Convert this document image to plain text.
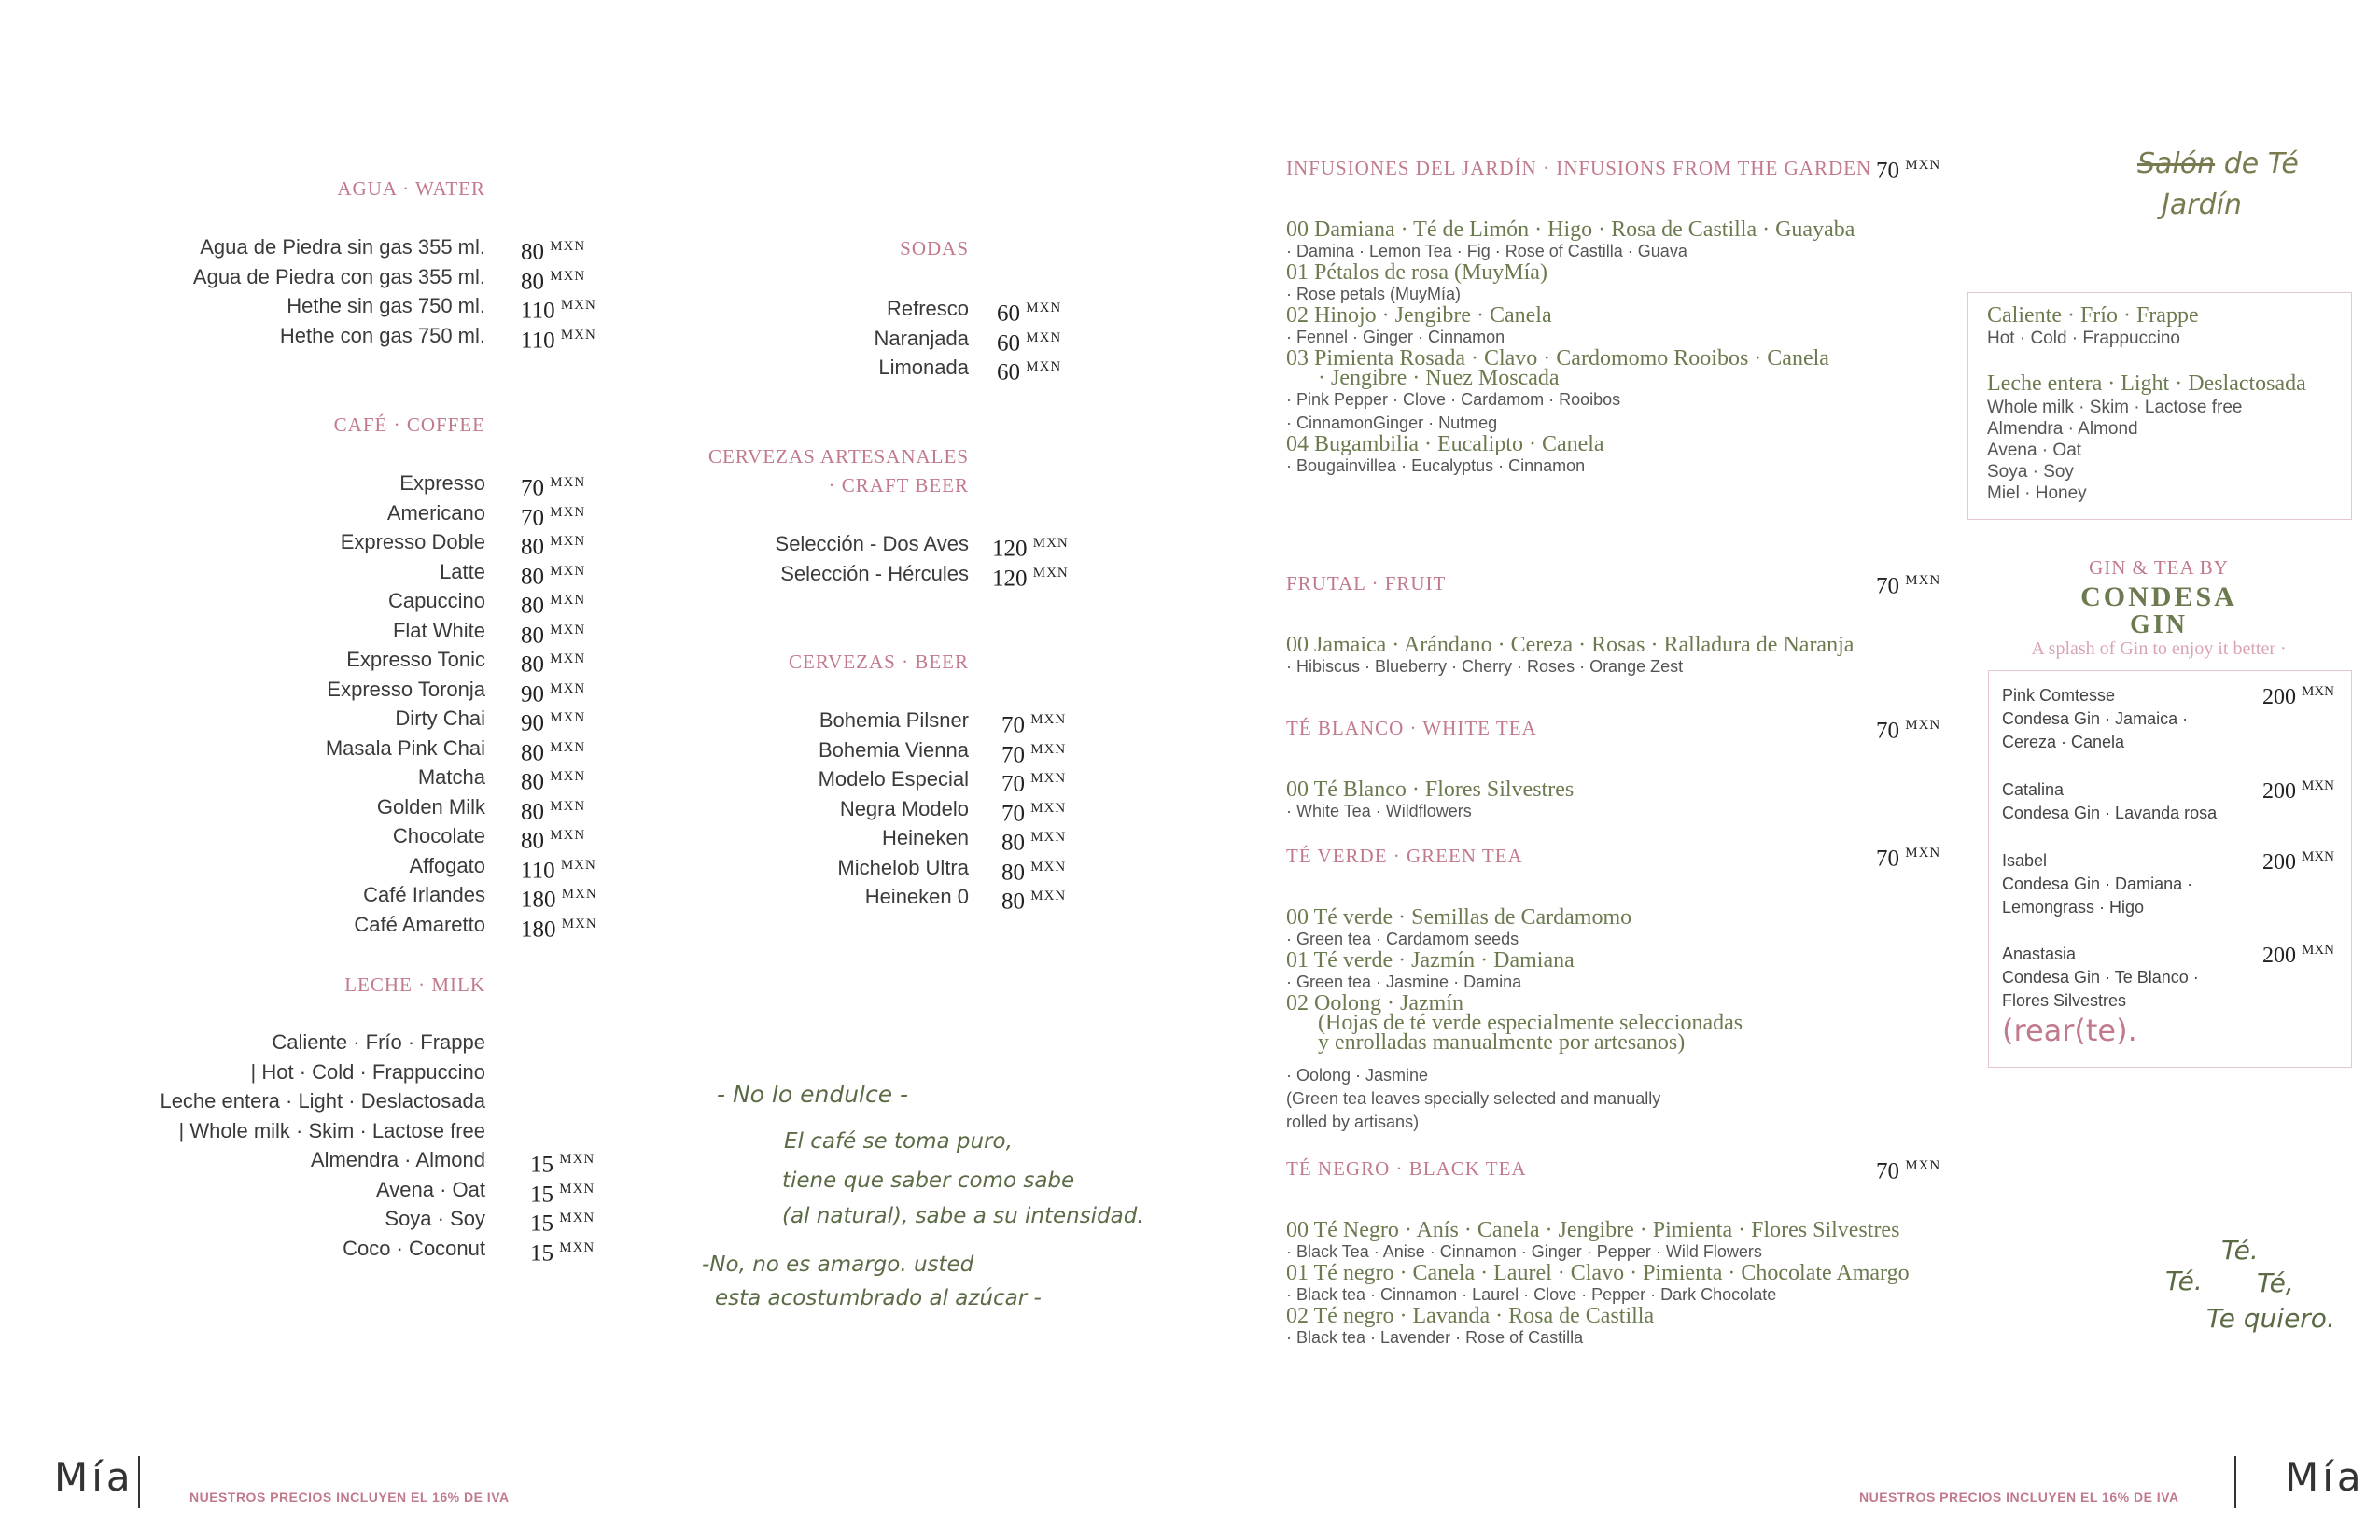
AGUA · WATER
Agua de Piedra sin gas 355 ml. 80 $^{MXN}$
Agua de Piedra con gas 355 ml. 80 $^{MXN}$
Hethe sin gas 750 ml. 110 $^{MXN}$
Hethe con gas 750 ml. 110 $^{MXN}$
CAFÉ · COFFEE
Expresso 70 $^{MXN}$
Americano 70 $^{MXN}$
Expresso Doble 80 $^{MXN}$
Latte 80 $^{MXN}$
Capuccino 80 $^{MXN}$
Flat White 80 $^{MXN}$
Expresso Tonic 80 $^{MXN}$
Expresso Toronja 90 $^{MXN}$
Dirty Chai 90 $^{MXN}$
Masala Pink Chai 80 $^{MXN}$
Matcha 80 $^{MXN}$
Golden Milk 80 $^{MXN}$
Chocolate 80 $^{MXN}$
Affogato 110 $^{MXN}$
Café Irlandes 180 $^{MXN}$
Café Amaretto 180 $^{MXN}$
LECHE · MILK
Caliente · Frío · Frappe
| Hot · Cold · Frappuccino
Leche entera · Light · Deslactosada
| Whole milk · Skim · Lactose free
Almendra · Almond 15 $^{MXN}$
Avena · Oat 15 $^{MXN}$
Soya · Soy 15 $^{MXN}$
Coco · Coconut 15 $^{MXN}$
SODAS
Refresco 60 $^{MXN}$
Naranjada 60 $^{MXN}$
Limonada 60 $^{MXN}$
CERVEZAS ARTESANALES
· CRAFT BEER
Selección - Dos Aves 120 $^{MXN}$
Selección - Hércules 120 $^{MXN}$
CERVEZAS · BEER
Bohemia Pilsner 70 $^{MXN}$
Bohemia Vienna 70 $^{MXN}$
Modelo Especial 70 $^{MXN}$
Negra Modelo 70 $^{MXN}$
Heineken 80 $^{MXN}$
Michelob Ultra 80 $^{MXN}$
Heineken 0 80 $^{MXN}$
- No lo endulce -
El café se toma puro,
tiene que saber como sabe
(al natural), sabe a su intensidad.
-No, no es amargo. usted
esta acostumbrado al azúcar -
INFUSIONES DEL JARDÍN · INFUSIONS FROM THE GARDEN 70 $^{MXN}$
00 Damiana · Té de Limón · Higo · Rosa de Castilla · Guayaba
· Damina · Lemon Tea · Fig · Rose of Castilla · Guava
01 Pétalos de rosa (MuyMía)
· Rose petals (MuyMía)
02 Hinojo · Jengibre · Canela
· Fennel · Ginger · Cinnamon
03 Pimienta Rosada · Clavo · Cardomomo Rooibos · Canela
· Jengibre · Nuez Moscada
· Pink Pepper · Clove · Cardamom · Rooibos
· CinnamonGinger · Nutmeg
04 Bugambilia · Eucalipto · Canela
· Bougainvillea · Eucalyptus · Cinnamon
FRUTAL · FRUIT	70 $^{MXN}$
00 Jamaica · Arándano · Cereza · Rosas · Ralladura de Naranja
· Hibiscus · Blueberry · Cherry · Roses · Orange Zest
TÉ BLANCO · WHITE TEA	70 $^{MXN}$
00 Té Blanco · Flores Silvestres
· White Tea · Wildflowers
TÉ VERDE · GREEN TEA	70 $^{MXN}$
00 Té verde · Semillas de Cardamomo
· Green tea · Cardamom seeds
01 Té verde · Jazmín · Damiana
· Green tea · Jasmine · Damina
02 Oolong · Jazmín
(Hojas de té verde especialmente seleccionadas
y enrolladas manualmente por artesanos)
· Oolong · Jasmine
(Green tea leaves specially selected and manually
rolled by artisans)
TÉ NEGRO · BLACK TEA	70 $^{MXN}$
00 Té Negro · Anís · Canela · Jengibre · Pimienta · Flores Silvestres
· Black Tea · Anise · Cinnamon · Ginger · Pepper · Wild Flowers
01 Té negro · Canela · Laurel · Clavo · Pimienta · Chocolate Amargo
· Black tea · Cinnamon · Laurel · Clove · Pepper · Dark Chocolate
02 Té negro · Lavanda · Rosa de Castilla
· Black tea · Lavender · Rose of Castilla
Salón de Té
Jardín
Caliente · Frío · Frappe
Hot · Cold · Frappuccino
Leche entera · Light · Deslactosada
Whole milk · Skim · Lactose free
Almendra · Almond
Avena · Oat
Soya · Soy
Miel · Honey
GIN & TEA BY
CONDESA
GIN
A splash of Gin to enjoy it better ·
Pink Comtesse
Condesa Gin · Jamaica ·
Cereza · Canela
200 $^{MXN}$
Catalina
Condesa Gin · Lavanda rosa
200 $^{MXN}$
Isabel
Condesa Gin · Damiana ·
Lemongrass · Higo
200 $^{MXN}$
Anastasia
Condesa Gin · Te Blanco ·
Flores Silvestres
200 $^{MXN}$
(rear(te).
Té.
Té,
Té.
Te quiero.
Mía	NUESTROS PRECIOS INCLUYEN EL 16% DE IVA	NUESTROS PRECIOS INCLUYEN EL 16% DE IVA	Mía
